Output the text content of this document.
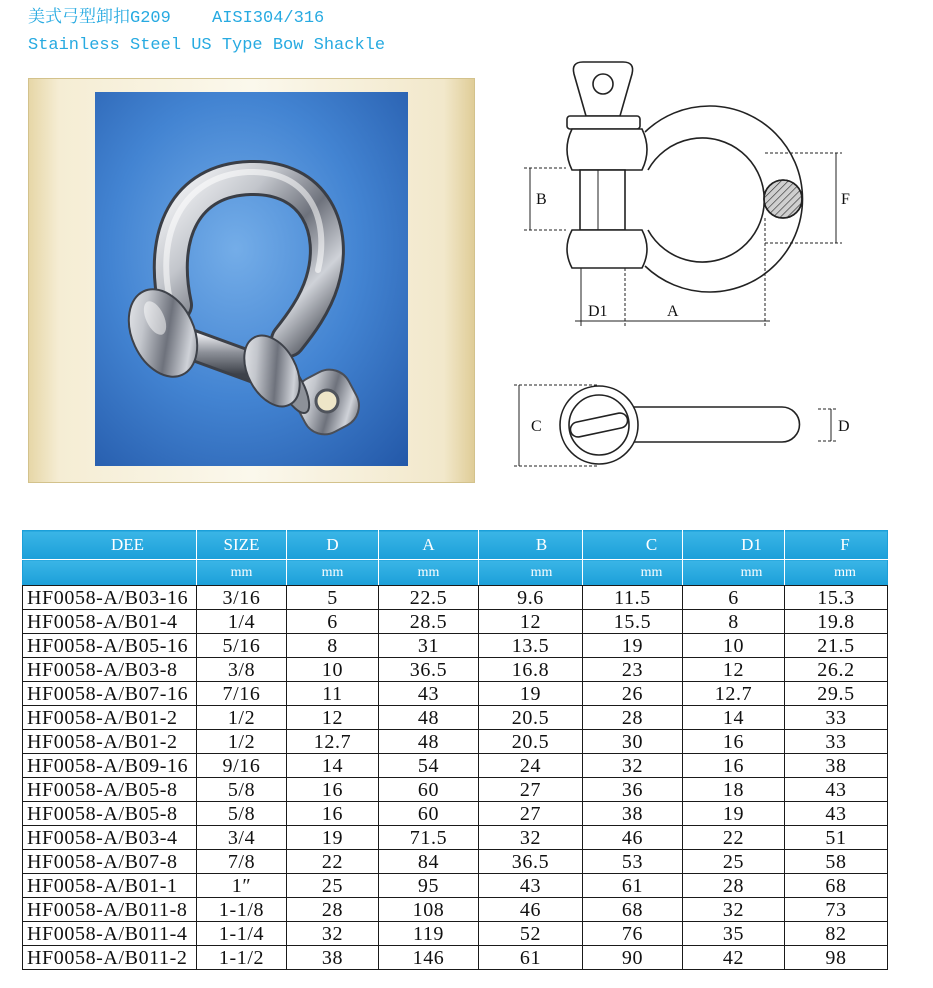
美式弓型卸扣G209 AISI304/316
Stainless Steel US Type Bow Shackle
B	F
D1	A
C	D
DEE	SIZE	D	A	B	C	D1	F
	mm	mm	mm	mm	mm	mm	mm
HF0058-A/B03-16	3/16	5	22.5	9.6	11.5	6	15.3
HF0058-A/B01-4	1/4	6	28.5	12	15.5	8	19.8
HF0058-A/B05-16	5/16	8	31	13.5	19	10	21.5
HF0058-A/B03-8	3/8	10	36.5	16.8	23	12	26.2
HF0058-A/B07-16	7/16	11	43	19	26	12.7	29.5
HF0058-A/B01-2	1/2	12	48	20.5	28	14	33
HF0058-A/B01-2	1/2	12.7	48	20.5	30	16	33
HF0058-A/B09-16	9/16	14	54	24	32	16	38
HF0058-A/B05-8	5/8	16	60	27	36	18	43
HF0058-A/B05-8	5/8	16	60	27	38	19	43
HF0058-A/B03-4	3/4	19	71.5	32	46	22	51
HF0058-A/B07-8	7/8	22	84	36.5	53	25	58
HF0058-A/B01-1	1″	25	95	43	61	28	68
HF0058-A/B011-8	1-1/8	28	108	46	68	32	73
HF0058-A/B011-4	1-1/4	32	119	52	76	35	82
HF0058-A/B011-2	1-1/2	38	146	61	90	42	98
